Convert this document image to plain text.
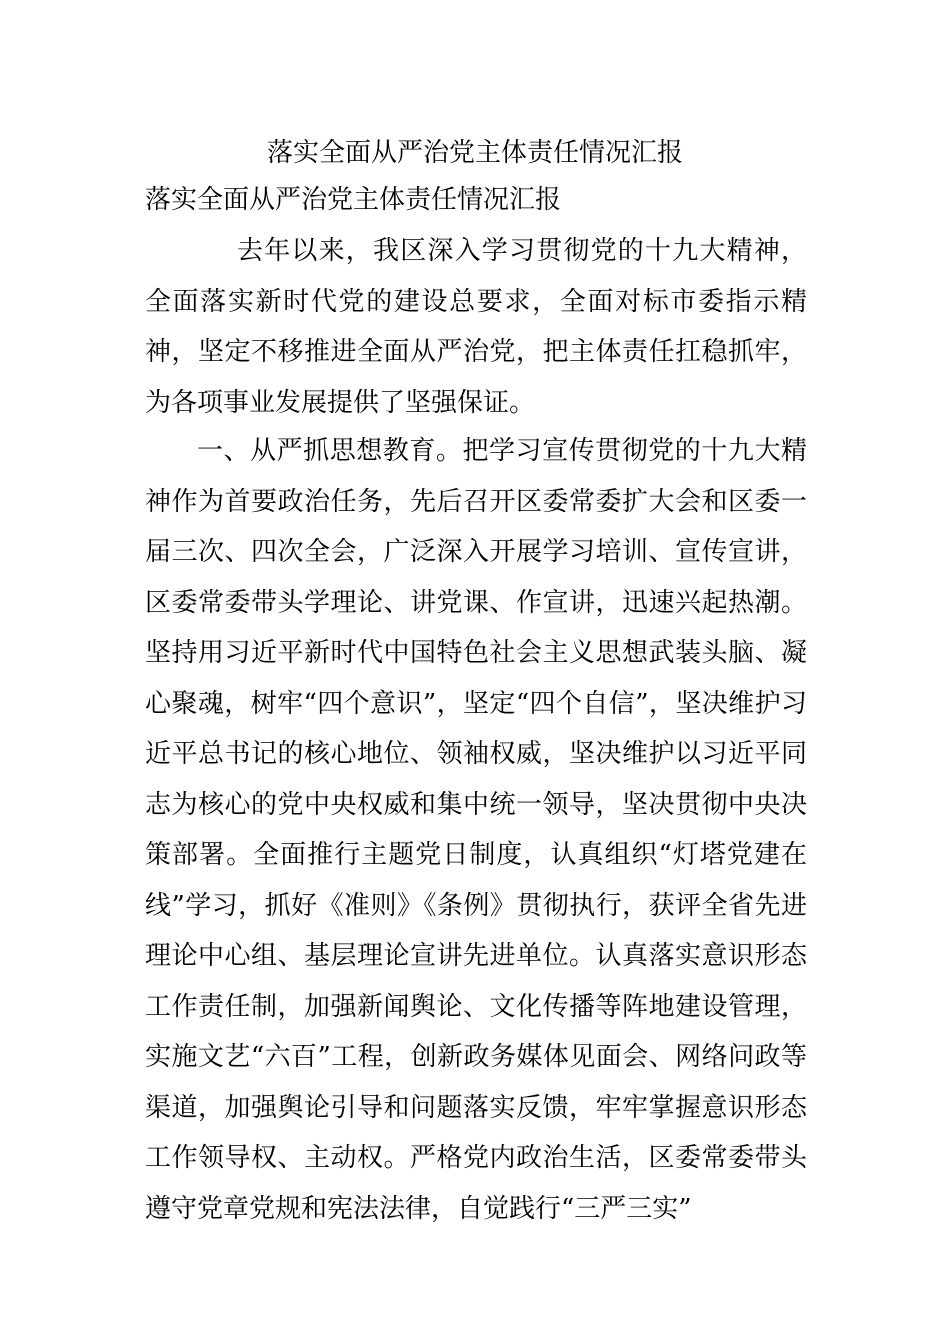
落实全面从严治党主体责任情况汇报
落实全面从严治党主体责任情况汇报

去年以来，我区深入学习贯彻党的十九大精神，全面落实新时代党的建设总要求，全面对标市委指示精神，坚定不移推进全面从严治党，把主体责任扛稳抓牢，为各项事业发展提供了坚强保证。

一、从严抓思想教育。把学习宣传贯彻党的十九大精神作为首要政治任务，先后召开区委常委扩大会和区委一届三次、四次全会，广泛深入开展学习培训、宣传宣讲，区委常委带头学理论、讲党课、作宣讲，迅速兴起热潮。坚持用习近平新时代中国特色社会主义思想武装头脑、凝心聚魂，树牢“四个意识”，坚定“四个自信”，坚决维护习近平总书记的核心地位、领袖权威，坚决维护以习近平同志为核心的党中央权威和集中统一领导，坚决贯彻中央决策部署。全面推行主题党日制度，认真组织“灯塔党建在线”学习，抓好《准则》《条例》贯彻执行，获评全省先进理论中心组、基层理论宣讲先进单位。认真落实意识形态工作责任制，加强新闻舆论、文化传播等阵地建设管理，实施文艺“六百”工程，创新政务媒体见面会、网络问政等渠道，加强舆论引导和问题落实反馈，牢牢掌握意识形态工作领导权、主动权。严格党内政治生活，区委常委带头遵守党章党规和宪法法律，自觉践行“三严三实”
